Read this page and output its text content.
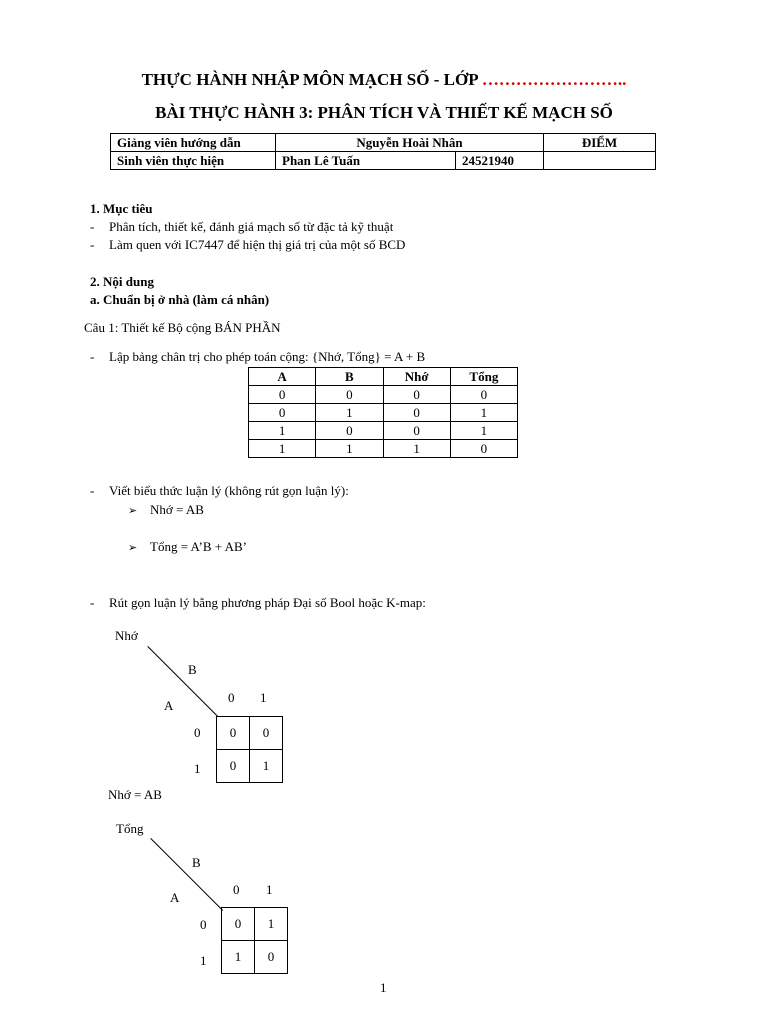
THỰC HÀNH NHẬP MÔN MẠCH SỐ - LỚP ……………………..
BÀI THỰC HÀNH 3: PHÂN TÍCH VÀ THIẾT KẾ MẠCH SỐ
Giảng viên hướng dẫn	Nguyễn Hoài Nhân		ĐIỂM
Sinh viên thực hiện	Phan Lê Tuấn	24521940	
1. Mục tiêu
- Phân tích, thiết kế, đánh giá mạch số từ đặc tả kỹ thuật
- Làm quen với IC7447 để hiện thị giá trị của một số BCD
2. Nội dung
a. Chuẩn bị ở nhà (làm cá nhân)
Câu 1: Thiết kế Bộ cộng BÁN PHẦN
- Lập bảng chân trị cho phép toán cộng: {Nhớ, Tổng} = A + B
A	B	Nhớ	Tổng
0	0	0	0
0	1	0	1
1	0	0	1
1	1	1	0
- Viết biểu thức luận lý (không rút gọn luận lý):
➢ Nhớ = AB
➢ Tổng = A’B + AB’
- Rút gọn luận lý bằng phương pháp Đại số Bool hoặc K-map:
Nhớ
B
A
0 1
0
1
0	0
0	1
Nhớ = AB
Tổng
B
A
0 1
0
1
0	1
1	0
1
